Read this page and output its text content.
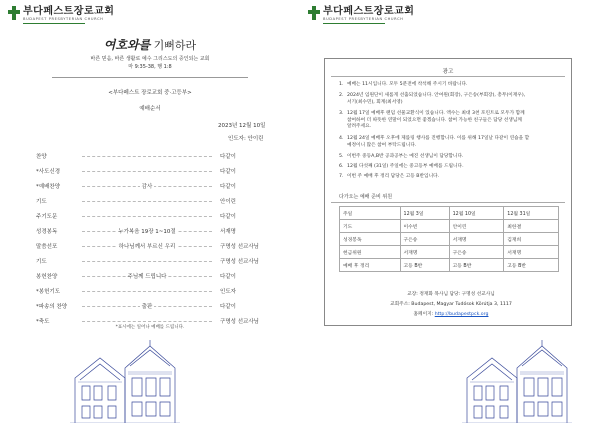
부다페스트장로교회
BUDAPEST PRESBYTERIAN CHURCH
여호와를 기뻐하라
바른 믿음, 바른 생활로 예수 그리스도의 증인되는 교회
마 9:35-38, 행 1:8
<부다페스트 장로교회 중·고등부>
예배순서
2023년 12월 10일
인도자: 안이린
찬양	다같이
*사도신경	다같이
*예배찬양	감사	다같이
기도	안이린
주기도문	다같이
성경봉독	누가복음 19장 1~10절	서재명
말씀선포	하나님께서 부르신 우리	구명성 선교사님
기도	구명성 선교사님
봉헌찬양	주님께 드립니다	다같이
*봉헌기도	인도자
*파송의 찬양	출판	다같이
*축도	구명성 선교사님
*표시에는 일어나 예배를 드립니다.
부다페스트장로교회
BUDAPEST PRESBYTERIAN CHURCH
광고
1. 예배는 11시입니다. 모두 5분전에 착석해 주시기 바랍니다.
2. 2024년 임원단이 새롭게 선출되었습니다. 안여원(회장), 구은송(부회장), 총무(이재우),
서기(최수민), 회계(최서영)
3. 12월 17일 예배후 랜덤 선물교환식이 있습니다. 액수는 최대 3천 포린트로 모두가 함께
참여하여 더 따뜻한 연말이 되었으면 좋겠습니다. 참여 가능한 친구들은 담당 선생님께
알려주세요.
4. 12월 24일 예배후 오후에 제를링 행사를 진행합니다. 이를 위해 17일날 다같이 연습을 할
예정이니 많은 참여 부탁드립니다.
5. 이번주 중등A,B반 공과공부는 예진 선생님이 담당합니다.
6. 12월 다섯째 (31일) 주일에는 중고등부 예배를 드립니다.
7. 이번 주 예배 후 정리 담당은 고등 B반입니다.
다가오는 예배 준비 위원
주일	12월 3일	12월 10일	12월 31일
기도	이수빈	안이린	최한결
성경봉독	구은송	서재명	김재희
헌금위원	서재명	구은송	서재명
예배 후 정리	고등 B반	고등 B반	고등 B반
교장: 정재화 목사님 담당: 구명성 선교사님
교회주소: Budapest, Magyar Tudósok Körútja 3, 1117
홈페이지: http://budapestpck.org
